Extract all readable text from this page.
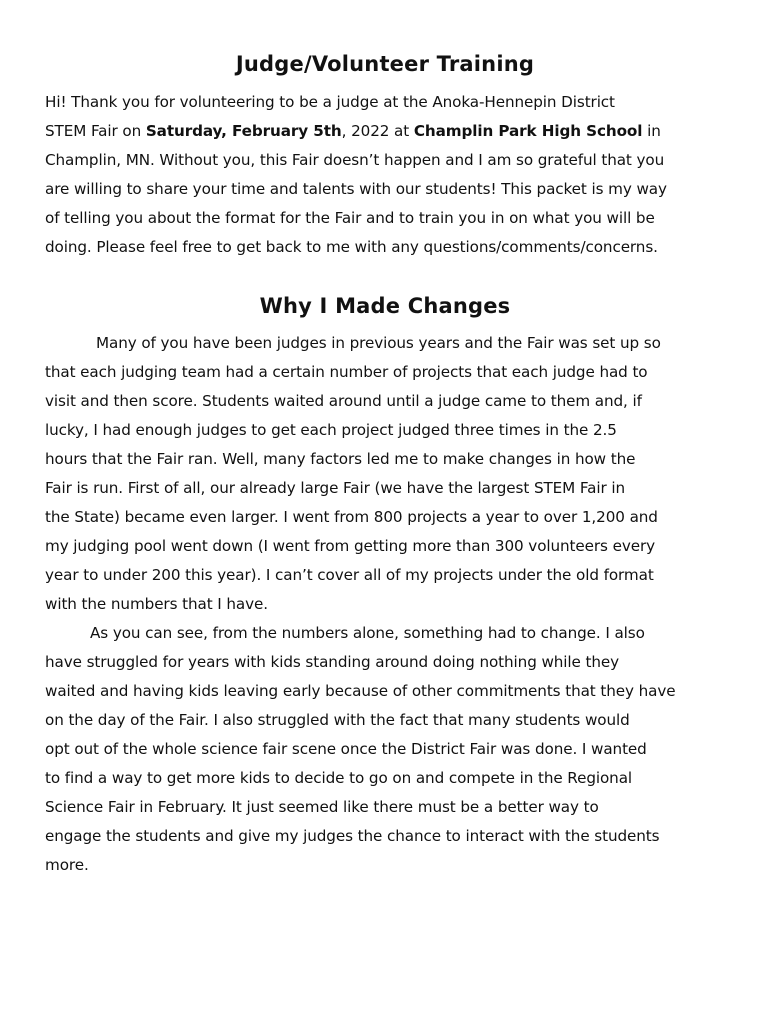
Judge/Volunteer Training

Hi! Thank you for volunteering to be a judge at the Anoka-Hennepin District
STEM Fair on Saturday, February 5th, 2022 at Champlin Park High School in
Champlin, MN. Without you, this Fair doesn’t happen and I am so grateful that you
are willing to share your time and talents with our students! This packet is my way
of telling you about the format for the Fair and to train you in on what you will be
doing. Please feel free to get back to me with any questions/comments/concerns.

Why I Made Changes

Many of you have been judges in previous years and the Fair was set up so
that each judging team had a certain number of projects that each judge had to
visit and then score. Students waited around until a judge came to them and, if
lucky, I had enough judges to get each project judged three times in the 2.5
hours that the Fair ran. Well, many factors led me to make changes in how the
Fair is run. First of all, our already large Fair (we have the largest STEM Fair in
the State) became even larger. I went from 800 projects a year to over 1,200 and
my judging pool went down (I went from getting more than 300 volunteers every
year to under 200 this year). I can’t cover all of my projects under the old format
with the numbers that I have.

As you can see, from the numbers alone, something had to change. I also
have struggled for years with kids standing around doing nothing while they
waited and having kids leaving early because of other commitments that they have
on the day of the Fair. I also struggled with the fact that many students would
opt out of the whole science fair scene once the District Fair was done. I wanted
to find a way to get more kids to decide to go on and compete in the Regional
Science Fair in February. It just seemed like there must be a better way to
engage the students and give my judges the chance to interact with the students
more.
